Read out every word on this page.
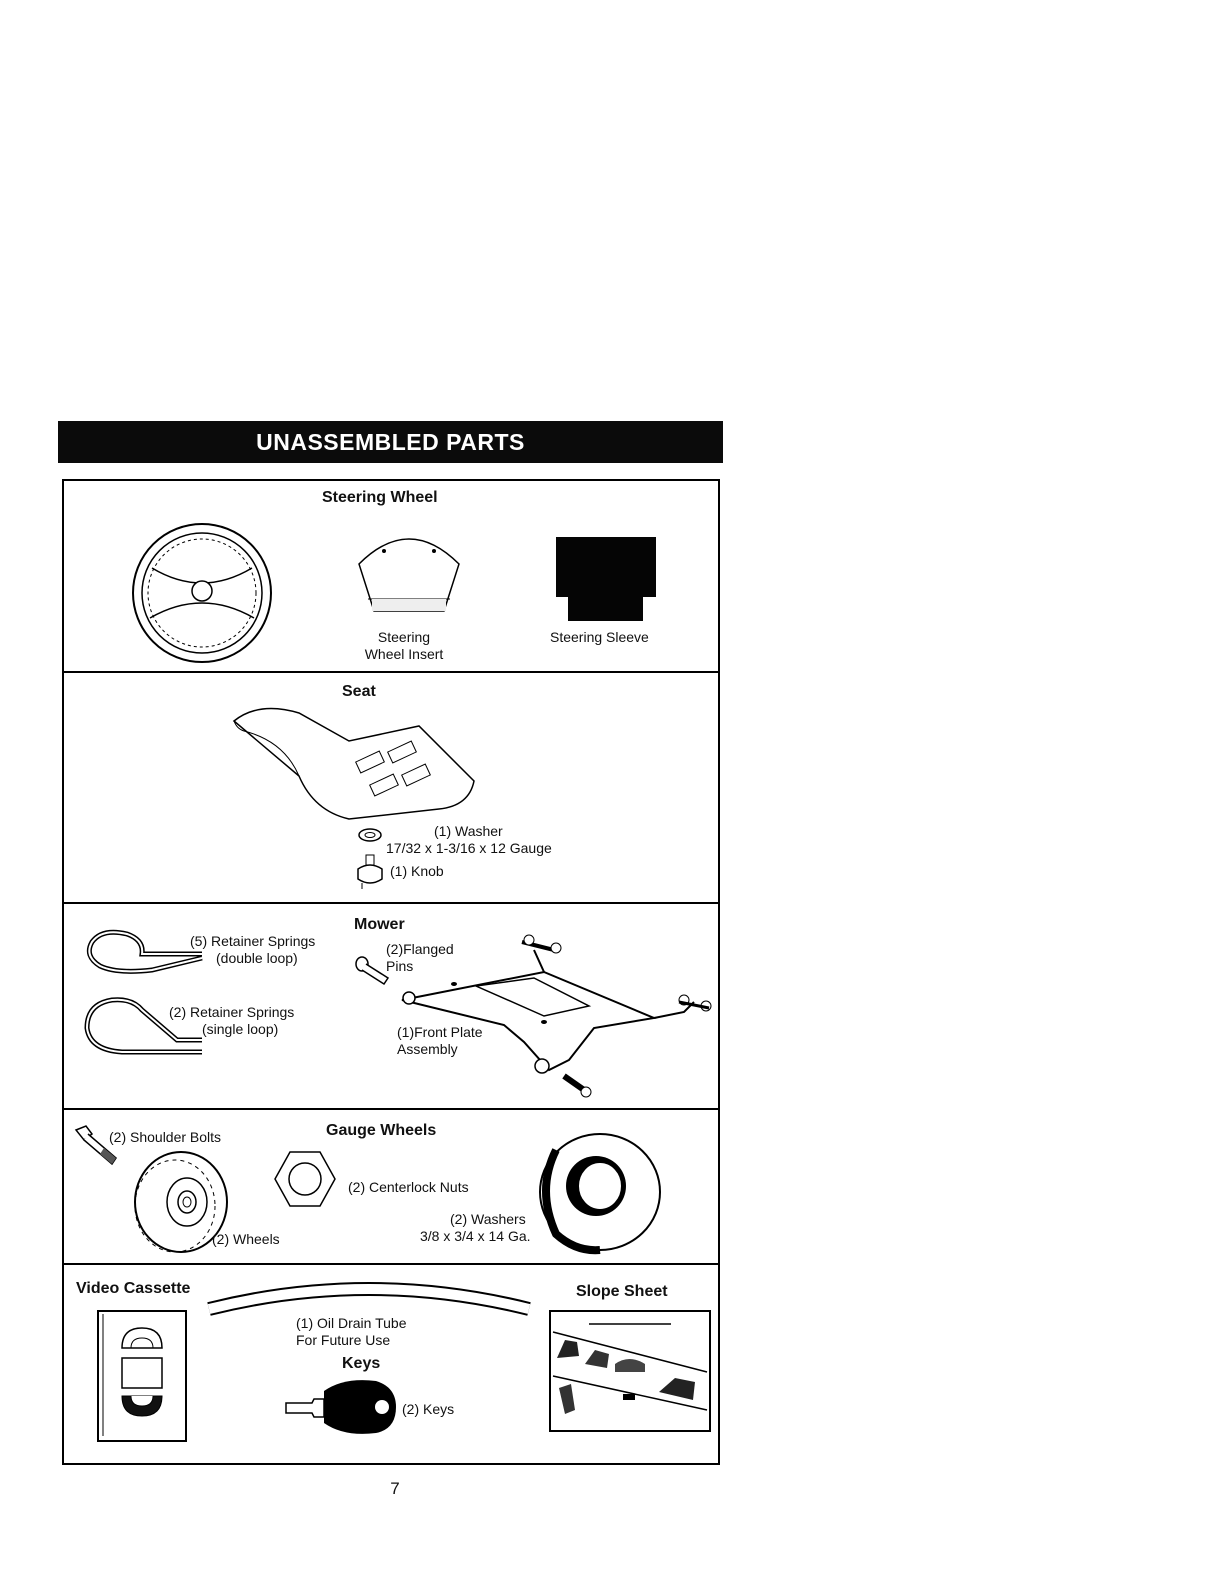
UNASSEMBLED PARTS
Steering Wheel
Steering
Wheel Insert
Steering Sleeve
Seat
(1) Washer
17/32 x 1-3/16 x 12 Gauge
(1) Knob
Mower
(5) Retainer Springs
(double loop)
(2) Retainer Springs
(single loop)
(2)Flanged
Pins
(1)Front Plate
Assembly
Gauge Wheels
(2) Shoulder Bolts
(2) Wheels
(2) Centerlock Nuts
(2) Washers
3/8 x 3/4 x 14 Ga.
Video Cassette
(1) Oil Drain Tube
For Future Use
Keys
(2) Keys
Slope Sheet
7
